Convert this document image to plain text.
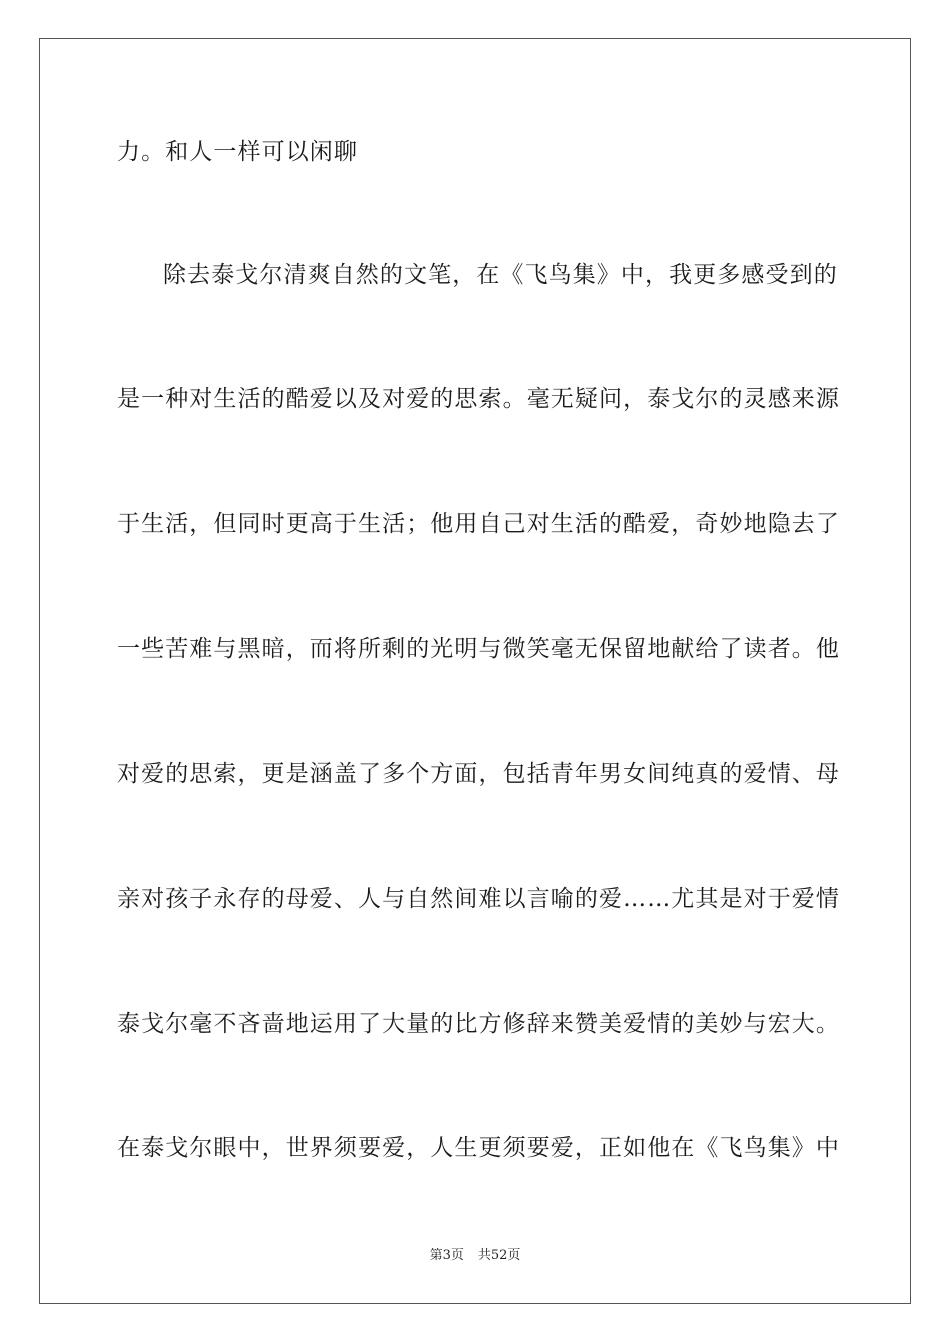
力。和人一样可以闲聊
除去泰戈尔清爽自然的文笔，在《飞鸟集》中，我更多感受到的
是一种对生活的酷爱以及对爱的思索。毫无疑问，泰戈尔的灵感来源
于生活，但同时更高于生活；他用自己对生活的酷爱，奇妙地隐去了
一些苦难与黑暗，而将所剩的光明与微笑毫无保留地献给了读者。他
对爱的思索，更是涵盖了多个方面，包括青年男女间纯真的爱情、母
亲对孩子永存的母爱、人与自然间难以言喻的爱……尤其是对于爱情
泰戈尔毫不吝啬地运用了大量的比方修辞来赞美爱情的美妙与宏大。
在泰戈尔眼中，世界须要爱，人生更须要爱，正如他在《飞鸟集》中
第3页 共52页
